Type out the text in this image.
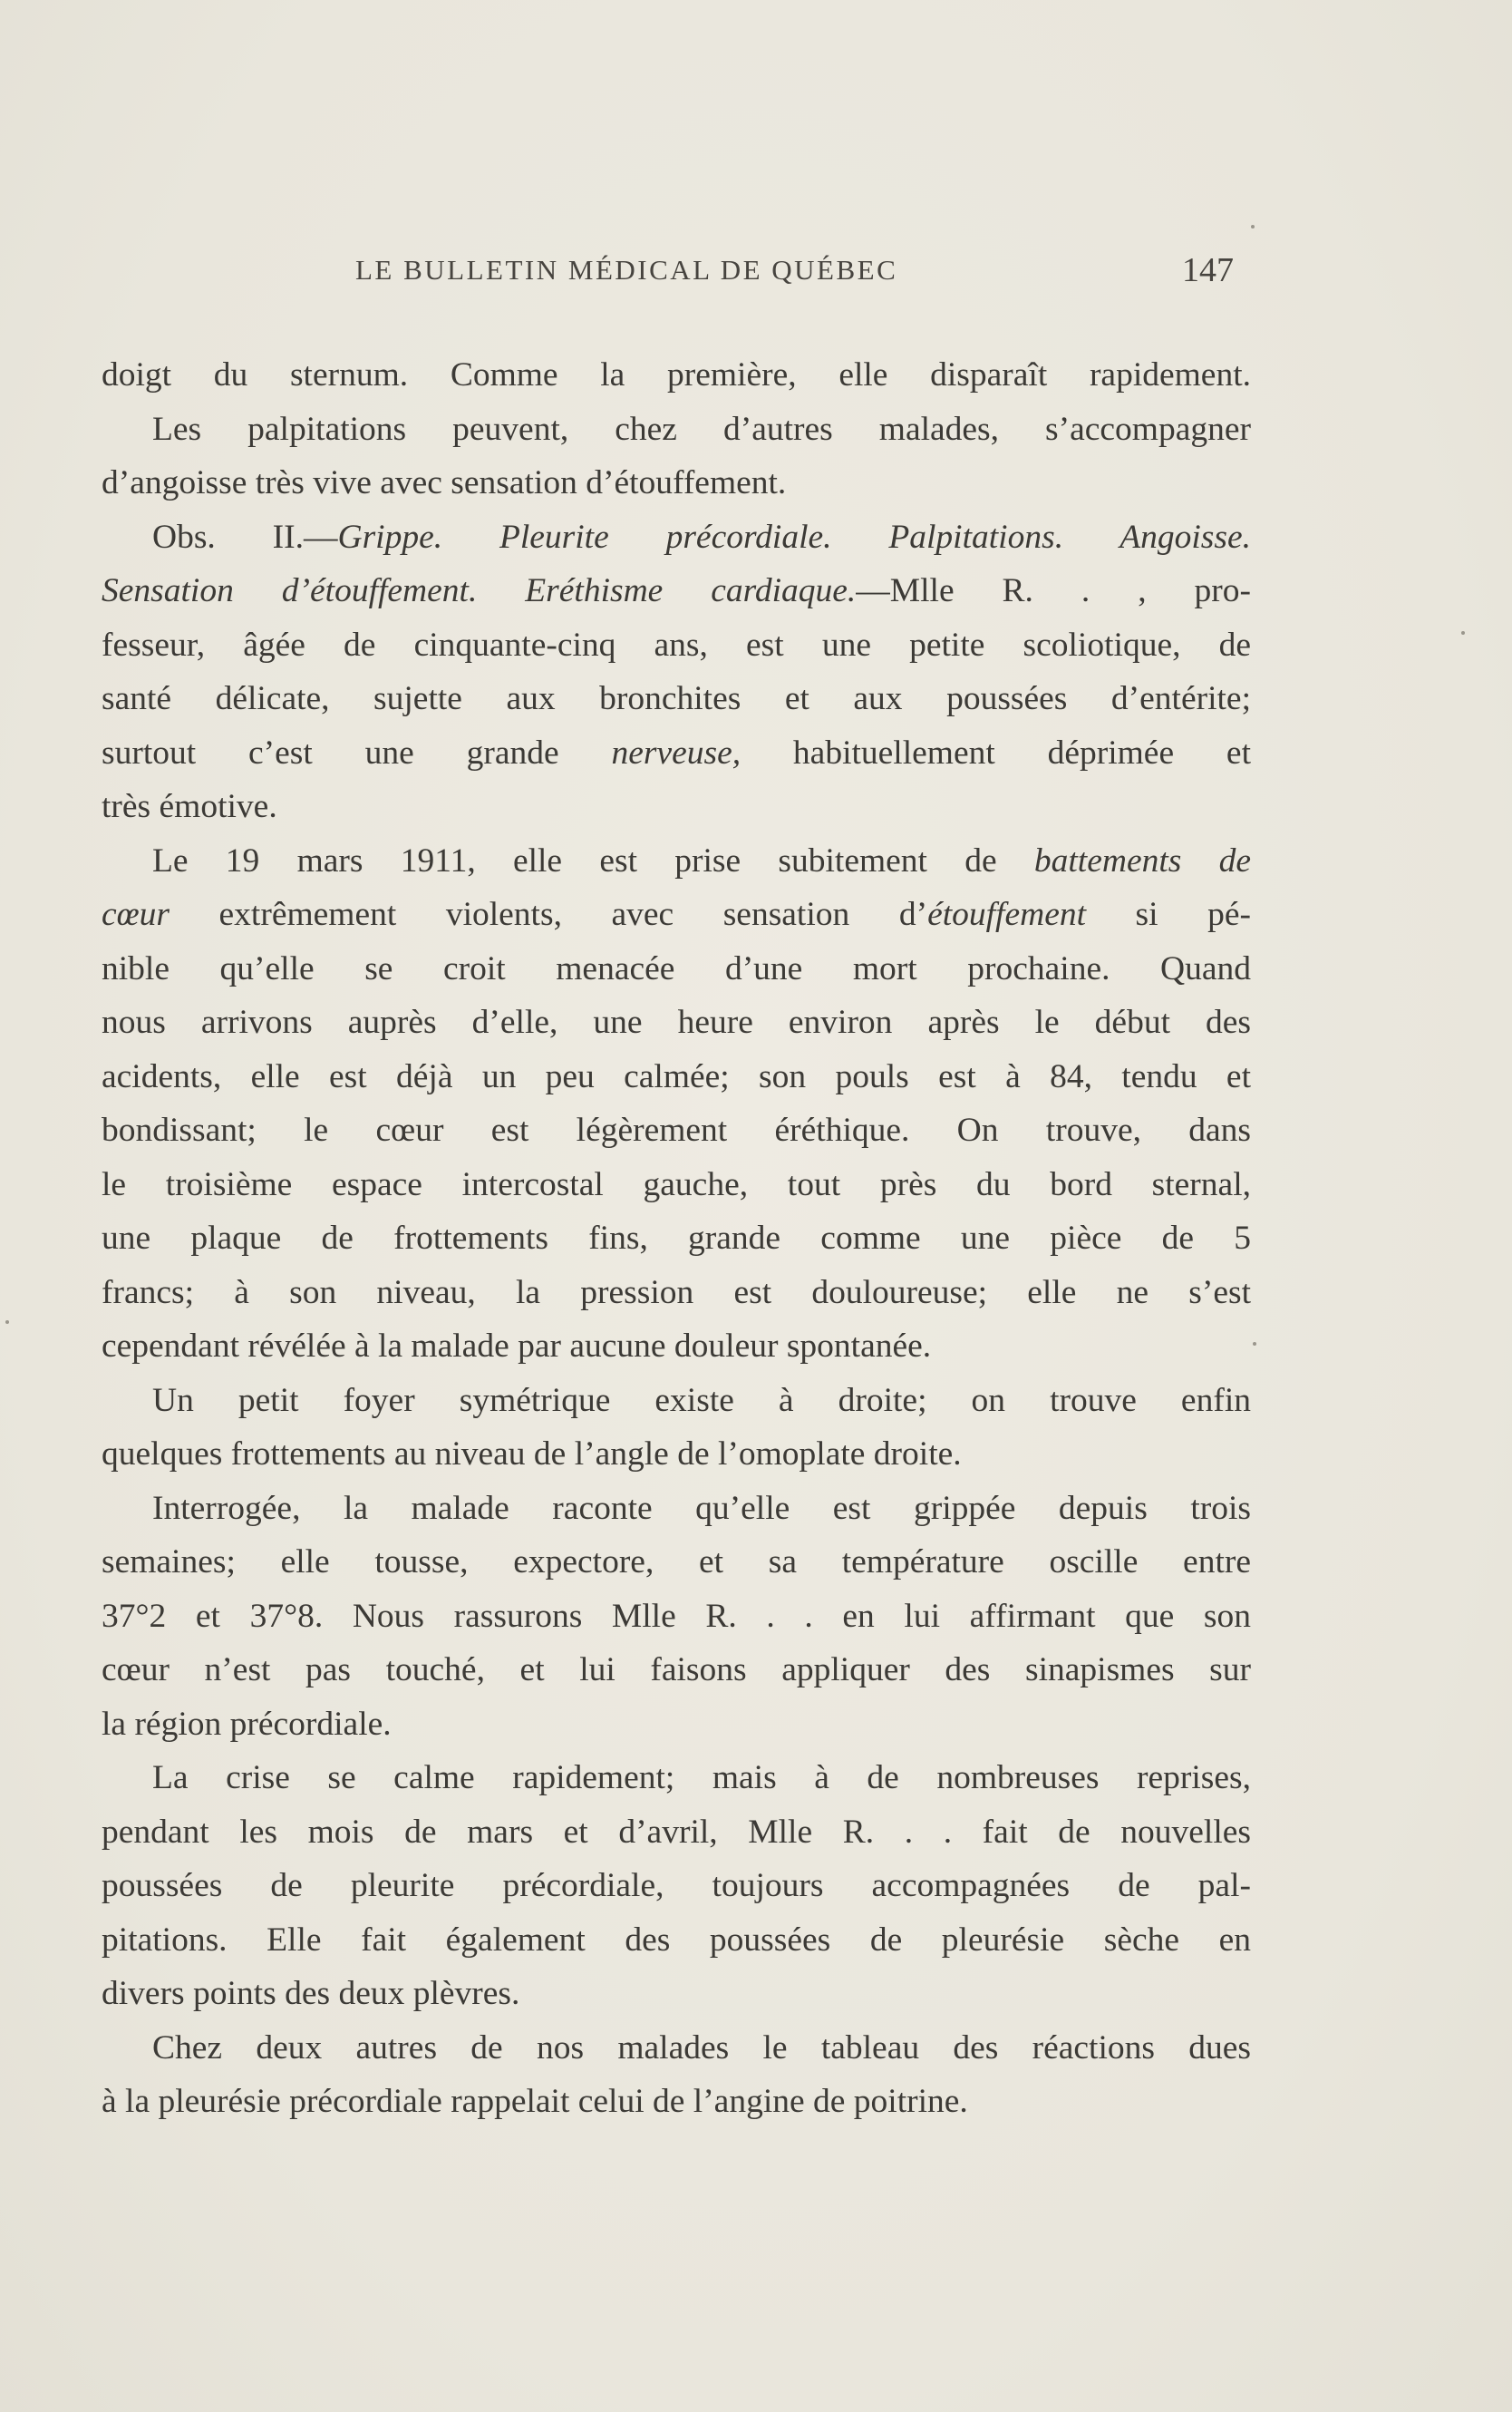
LE BULLETIN MÉDICAL DE QUÉBEC	147
doigt du sternum. Comme la première, elle disparaît rapidement.
Les palpitations peuvent, chez d’autres malades, s’accompagner
d’angoisse très vive avec sensation d’étouffement.
Obs. II.—Grippe. Pleurite précordiale. Palpitations. Angoisse.
Sensation d’étouffement. Eréthisme cardiaque.—Mlle R. . , pro-
fesseur, âgée de cinquante-cinq ans, est une petite scoliotique, de
santé délicate, sujette aux bronchites et aux poussées d’entérite;
surtout c’est une grande nerveuse, habituellement déprimée et
très émotive.
Le 19 mars 1911, elle est prise subitement de battements de
cœur extrêmement violents, avec sensation d’étouffement si pé-
nible qu’elle se croit menacée d’une mort prochaine. Quand
nous arrivons auprès d’elle, une heure environ après le début des
acidents, elle est déjà un peu calmée; son pouls est à 84, tendu et
bondissant; le cœur est légèrement éréthique. On trouve, dans
le troisième espace intercostal gauche, tout près du bord sternal,
une plaque de frottements fins, grande comme une pièce de 5
francs; à son niveau, la pression est douloureuse; elle ne s’est
cependant révélée à la malade par aucune douleur spontanée.
Un petit foyer symétrique existe à droite; on trouve enfin
quelques frottements au niveau de l’angle de l’omoplate droite.
Interrogée, la malade raconte qu’elle est grippée depuis trois
semaines; elle tousse, expectore, et sa température oscille entre
37°2 et 37°8. Nous rassurons Mlle R. . . en lui affirmant que son
cœur n’est pas touché, et lui faisons appliquer des sinapismes sur
la région précordiale.
La crise se calme rapidement; mais à de nombreuses reprises,
pendant les mois de mars et d’avril, Mlle R. . . fait de nouvelles
poussées de pleurite précordiale, toujours accompagnées de pal-
pitations. Elle fait également des poussées de pleurésie sèche en
divers points des deux plèvres.
Chez deux autres de nos malades le tableau des réactions dues
à la pleurésie précordiale rappelait celui de l’angine de poitrine.
